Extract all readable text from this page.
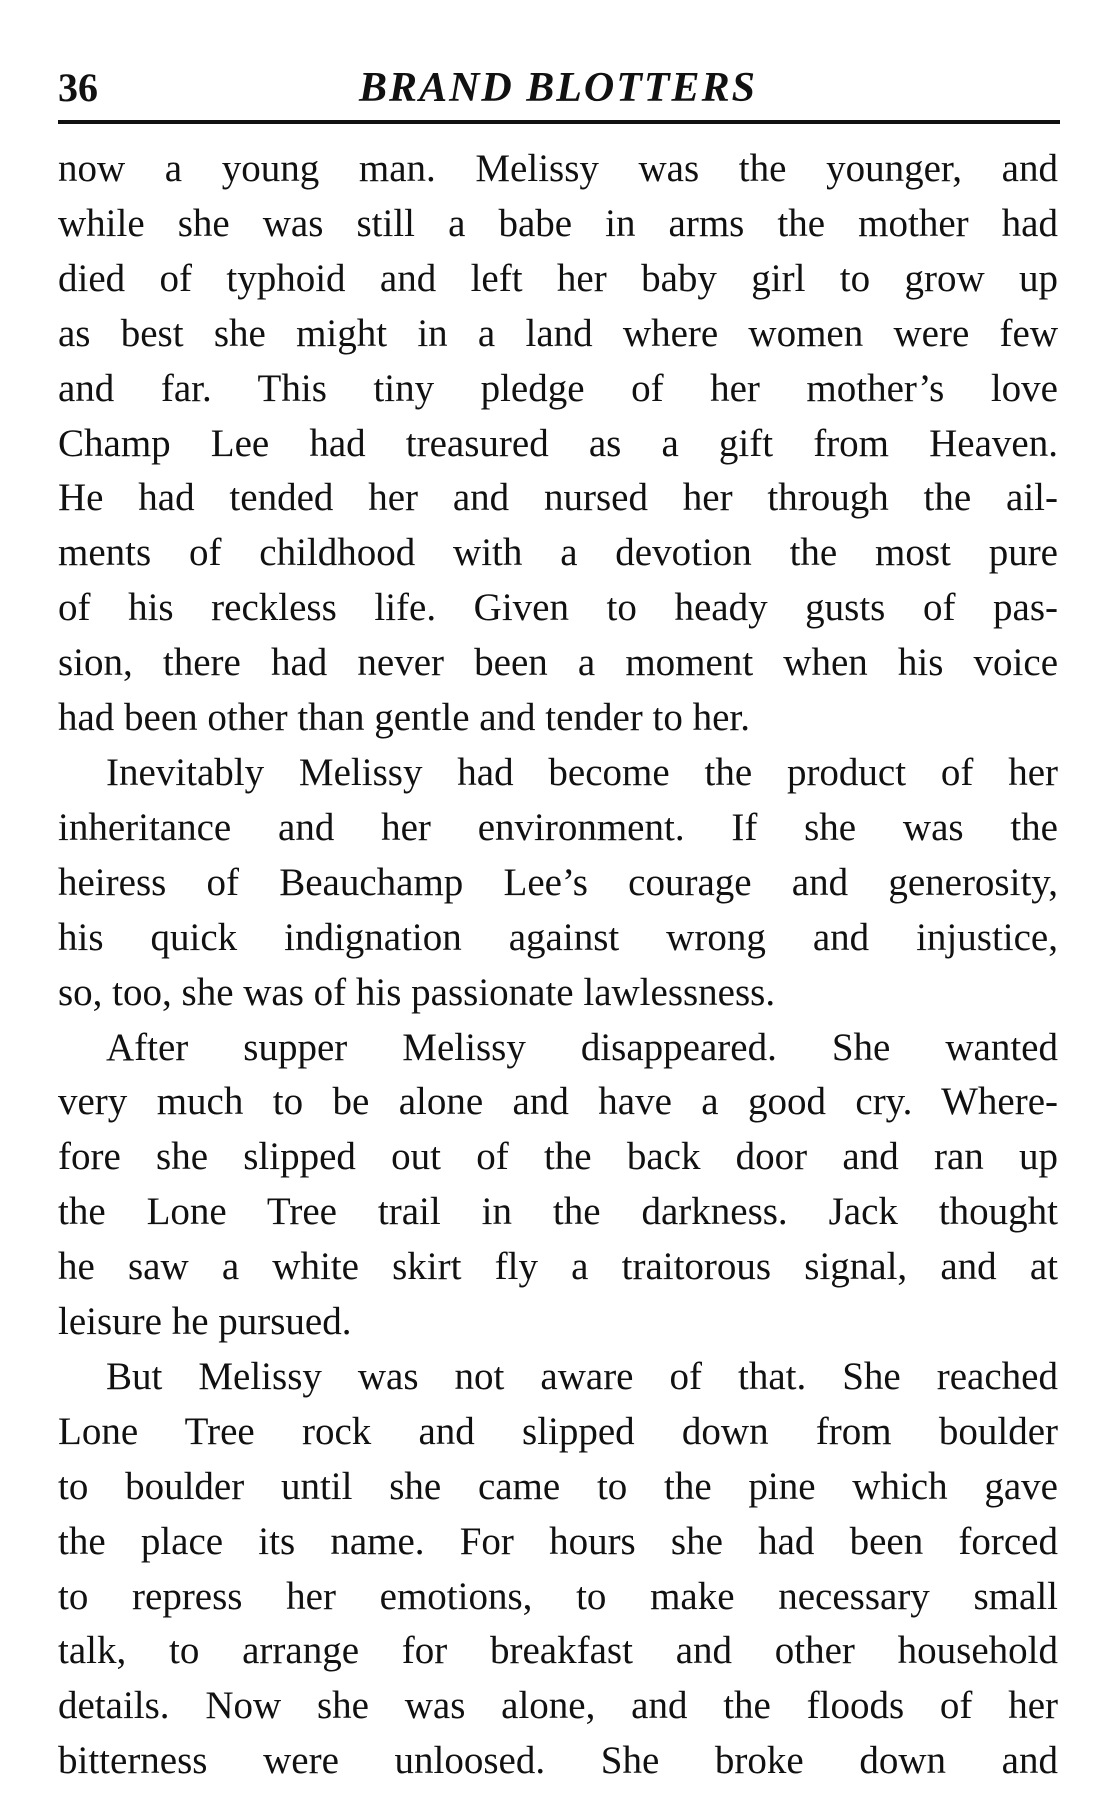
36	BRAND BLOTTERS
now a young man. Melissy was the younger, and
while she was still a babe in arms the mother had
died of typhoid and left her baby girl to grow up
as best she might in a land where women were few
and far. This tiny pledge of her mother’s love
Champ Lee had treasured as a gift from Heaven.
He had tended her and nursed her through the ail-
ments of childhood with a devotion the most pure
of his reckless life. Given to heady gusts of pas-
sion, there had never been a moment when his voice
had been other than gentle and tender to her.
Inevitably Melissy had become the product of her
inheritance and her environment. If she was the
heiress of Beauchamp Lee’s courage and generosity,
his quick indignation against wrong and injustice,
so, too, she was of his passionate lawlessness.
After supper Melissy disappeared. She wanted
very much to be alone and have a good cry. Where-
fore she slipped out of the back door and ran up
the Lone Tree trail in the darkness. Jack thought
he saw a white skirt fly a traitorous signal, and at
leisure he pursued.
But Melissy was not aware of that. She reached
Lone Tree rock and slipped down from boulder
to boulder until she came to the pine which gave
the place its name. For hours she had been forced
to repress her emotions, to make necessary small
talk, to arrange for breakfast and other household
details. Now she was alone, and the floods of her
bitterness were unloosed. She broke down and
